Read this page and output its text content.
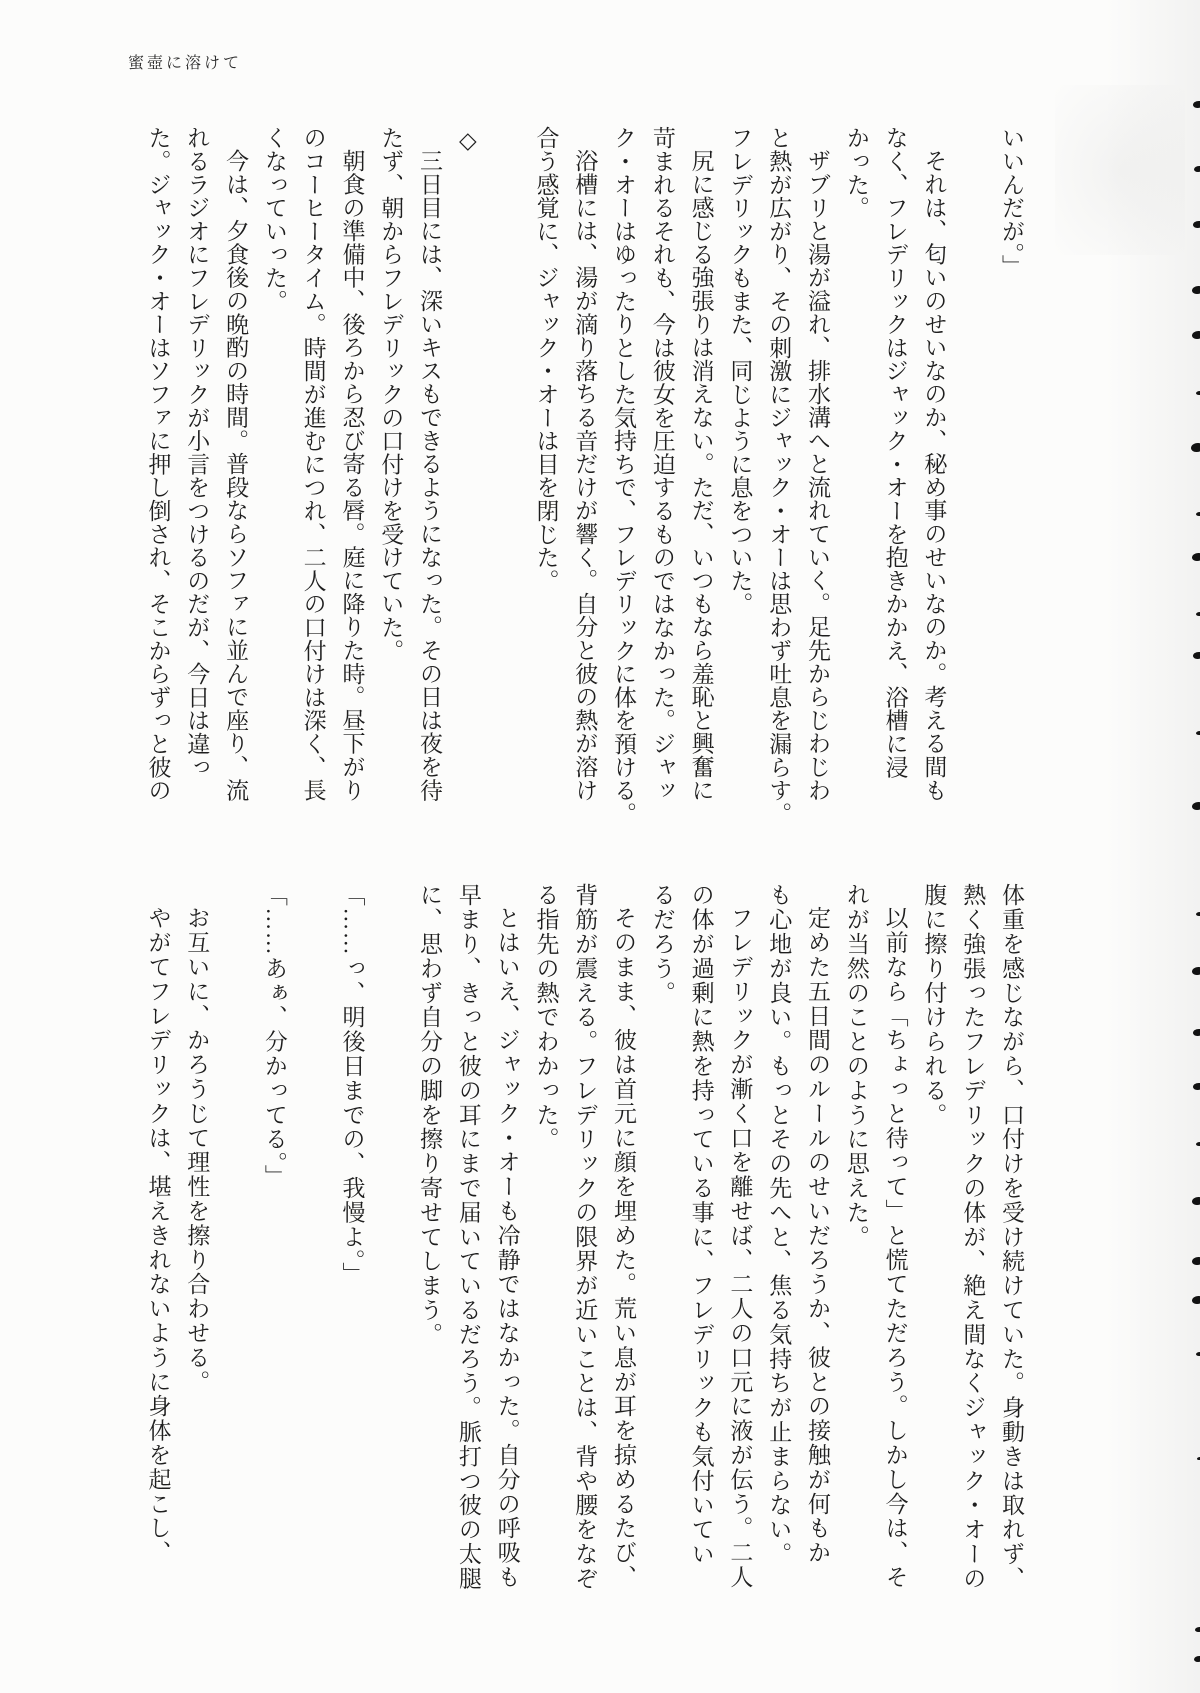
蜜壺に溶けて
いいんだが。」
それは、匂いのせいなのか、秘め事のせいなのか。考える間も
なく、フレデリックはジャック・オーを抱きかかえ、浴槽に浸
かった。
ザブリと湯が溢れ、排水溝へと流れていく。足先からじわじわ
と熱が広がり、その刺激にジャック・オーは思わず吐息を漏らす。
フレデリックもまた、同じように息をついた。
尻に感じる強張りは消えない。ただ、いつもなら羞恥と興奮に
苛まれるそれも、今は彼女を圧迫するものではなかった。ジャッ
ク・オーはゆったりとした気持ちで、フレデリックに体を預ける。
浴槽には、湯が滴り落ちる音だけが響く。自分と彼の熱が溶け
合う感覚に、ジャック・オーは目を閉じた。
◇
三日目には、深いキスもできるようになった。その日は夜を待
たず、朝からフレデリックの口付けを受けていた。
朝食の準備中、後ろから忍び寄る唇。庭に降りた時。昼下がり
のコーヒータイム。時間が進むにつれ、二人の口付けは深く、長
くなっていった。
今は、夕食後の晩酌の時間。普段ならソファに並んで座り、流
れるラジオにフレデリックが小言をつけるのだが、今日は違っ
た。ジャック・オーはソファに押し倒され、そこからずっと彼の
体重を感じながら、口付けを受け続けていた。身動きは取れず、
熱く強張ったフレデリックの体が、絶え間なくジャック・オーの
腹に擦り付けられる。
以前なら「ちょっと待って」と慌てただろう。しかし今は、そ
れが当然のことのように思えた。
定めた五日間のルールのせいだろうか、彼との接触が何もか
も心地が良い。もっとその先へと、焦る気持ちが止まらない。
フレデリックが漸く口を離せば、二人の口元に液が伝う。二人
の体が過剰に熱を持っている事に、フレデリックも気付いてい
るだろう。
そのまま、彼は首元に顔を埋めた。荒い息が耳を掠めるたび、
背筋が震える。フレデリックの限界が近いことは、背や腰をなぞ
る指先の熱でわかった。
とはいえ、ジャック・オーも冷静ではなかった。自分の呼吸も
早まり、きっと彼の耳にまで届いているだろう。脈打つ彼の太腿
に、思わず自分の脚を擦り寄せてしまう。
「……っ、明後日までの、我慢よ。」
「……あぁ、分かってる。」
お互いに、かろうじて理性を擦り合わせる。
やがてフレデリックは、堪えきれないように身体を起こし、
